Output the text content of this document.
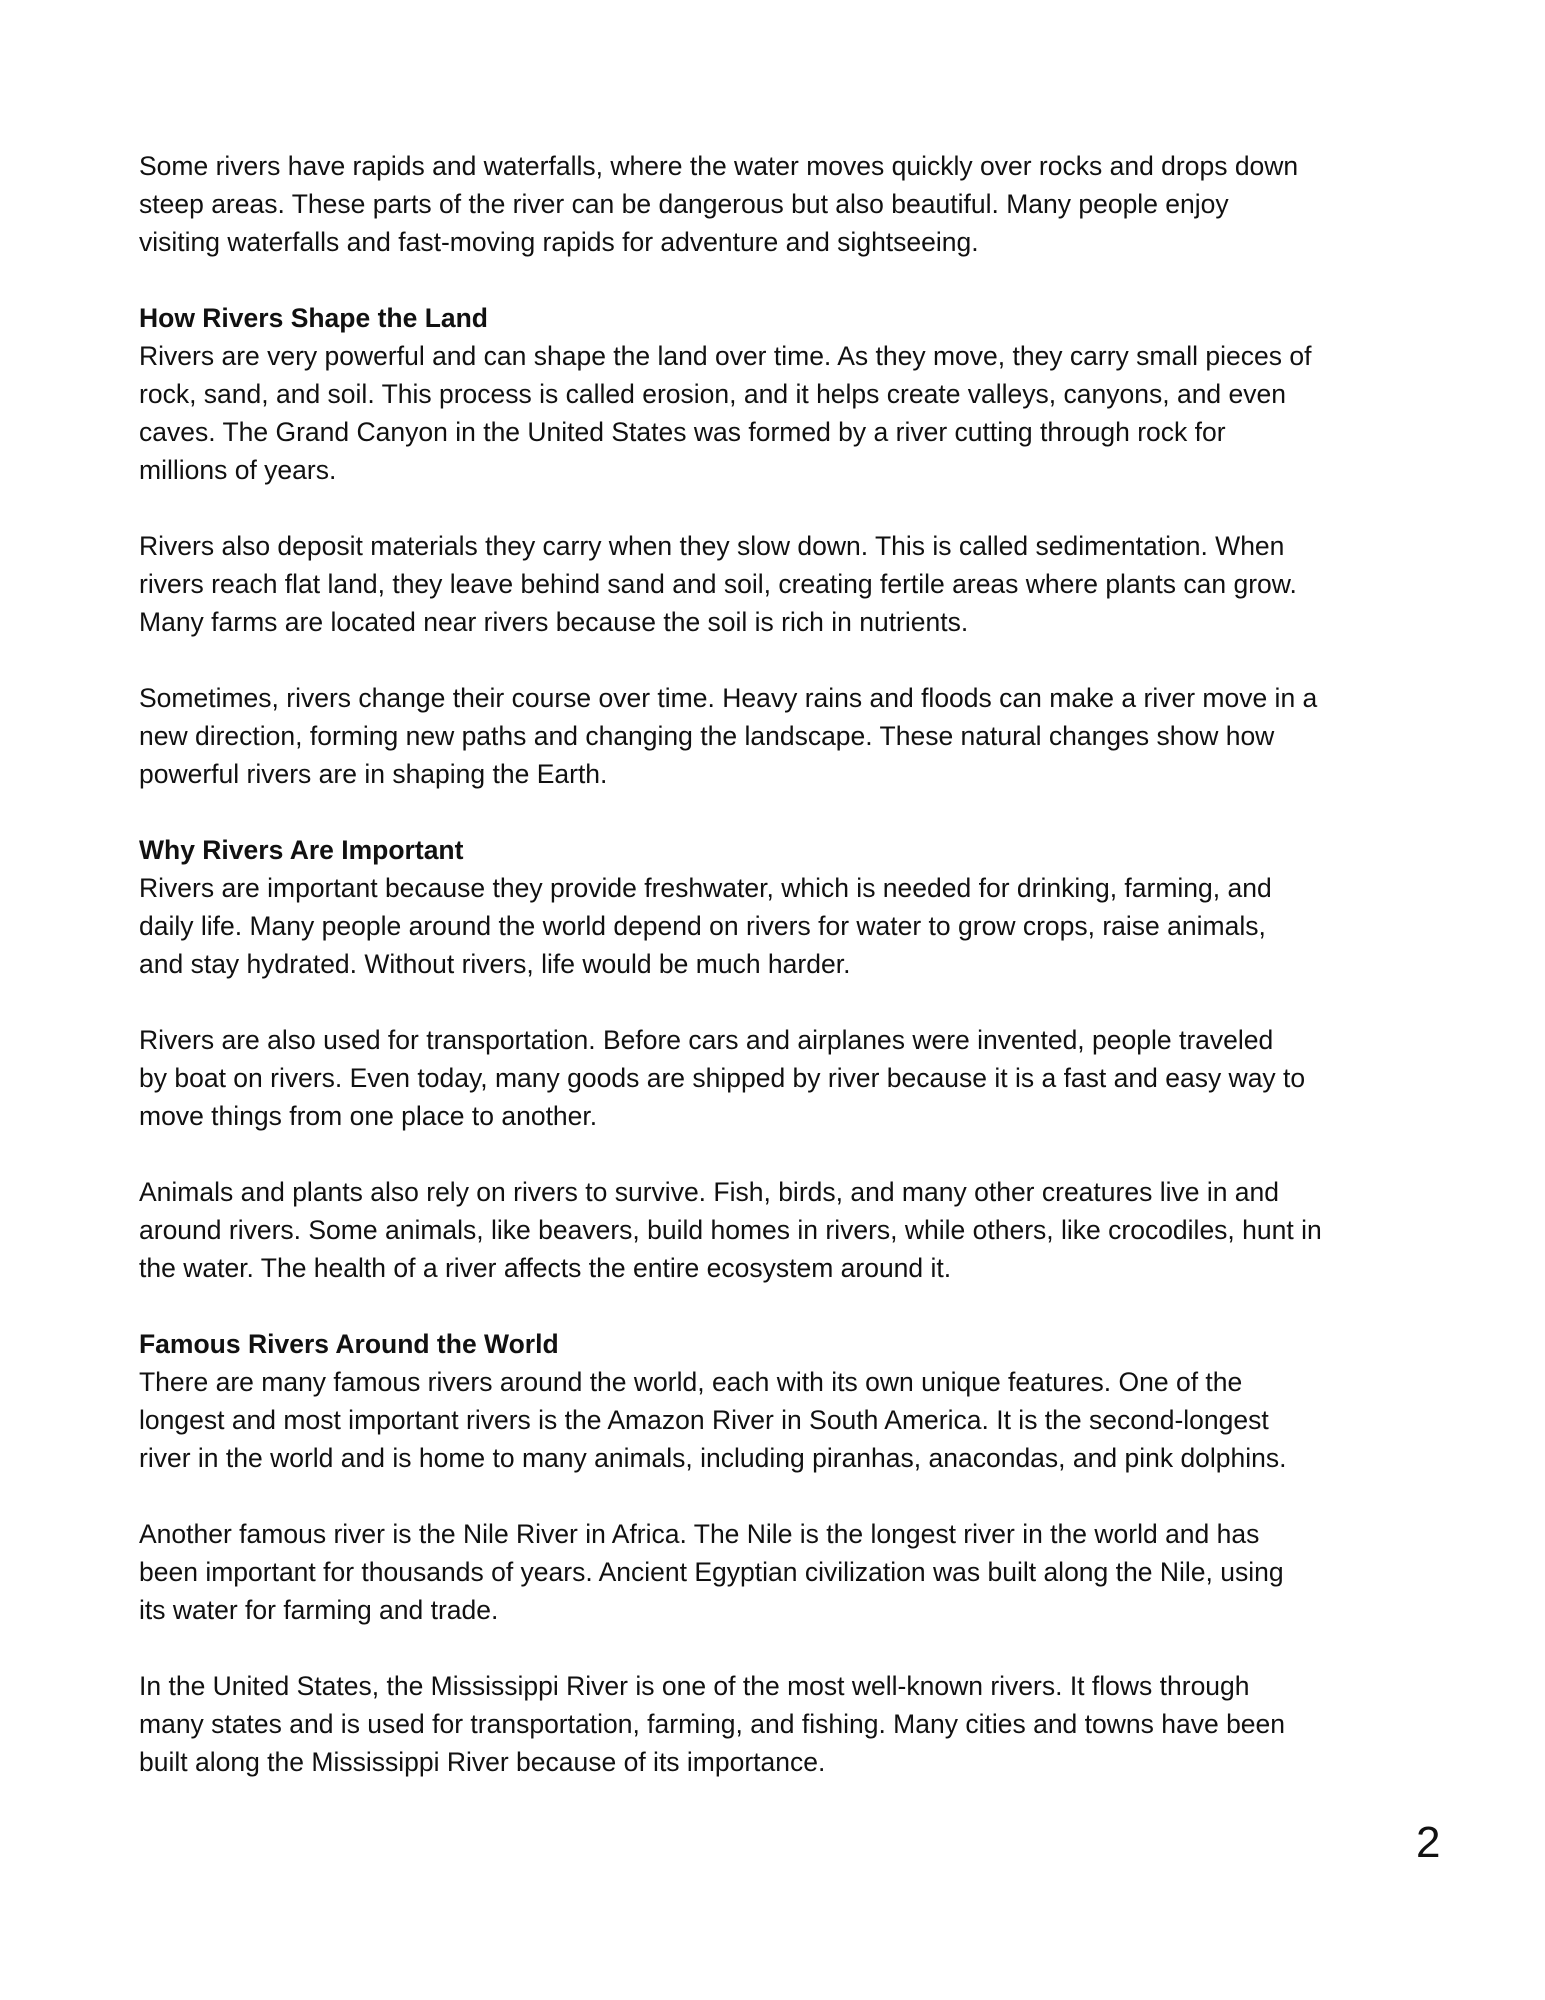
Some rivers have rapids and waterfalls, where the water moves quickly over rocks and drops down
steep areas. These parts of the river can be dangerous but also beautiful. Many people enjoy
visiting waterfalls and fast-moving rapids for adventure and sightseeing.

How Rivers Shape the Land

Rivers are very powerful and can shape the land over time. As they move, they carry small pieces of
rock, sand, and soil. This process is called erosion, and it helps create valleys, canyons, and even
caves. The Grand Canyon in the United States was formed by a river cutting through rock for
millions of years.

Rivers also deposit materials they carry when they slow down. This is called sedimentation. When
rivers reach flat land, they leave behind sand and soil, creating fertile areas where plants can grow.
Many farms are located near rivers because the soil is rich in nutrients.

Sometimes, rivers change their course over time. Heavy rains and floods can make a river move in a
new direction, forming new paths and changing the landscape. These natural changes show how
powerful rivers are in shaping the Earth.

Why Rivers Are Important

Rivers are important because they provide freshwater, which is needed for drinking, farming, and
daily life. Many people around the world depend on rivers for water to grow crops, raise animals,
and stay hydrated. Without rivers, life would be much harder.

Rivers are also used for transportation. Before cars and airplanes were invented, people traveled
by boat on rivers. Even today, many goods are shipped by river because it is a fast and easy way to
move things from one place to another.

Animals and plants also rely on rivers to survive. Fish, birds, and many other creatures live in and
around rivers. Some animals, like beavers, build homes in rivers, while others, like crocodiles, hunt in
the water. The health of a river affects the entire ecosystem around it.

Famous Rivers Around the World

There are many famous rivers around the world, each with its own unique features. One of the
longest and most important rivers is the Amazon River in South America. It is the second-longest
river in the world and is home to many animals, including piranhas, anacondas, and pink dolphins.

Another famous river is the Nile River in Africa. The Nile is the longest river in the world and has
been important for thousands of years. Ancient Egyptian civilization was built along the Nile, using
its water for farming and trade.

In the United States, the Mississippi River is one of the most well-known rivers. It flows through
many states and is used for transportation, farming, and fishing. Many cities and towns have been
built along the Mississippi River because of its importance.

2
